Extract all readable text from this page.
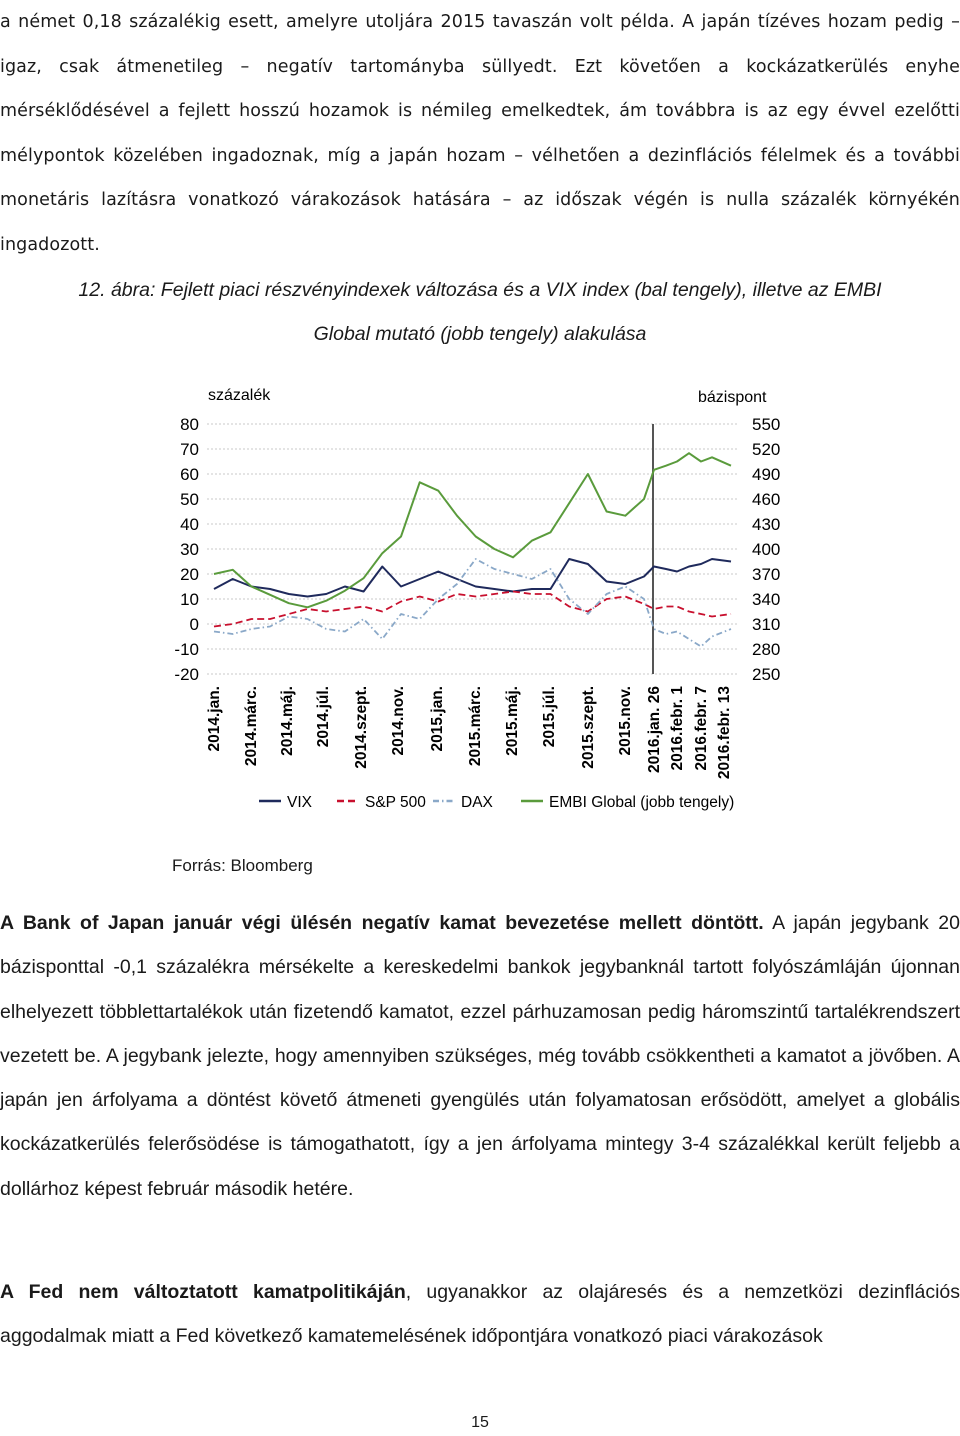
a német 0,18 százalékig esett, amelyre utoljára 2015 tavaszán volt példa. A japán tízéves hozam pedig – igaz, csak átmenetileg – negatív tartományba süllyedt. Ezt követően a kockázatkerülés enyhe mérséklődésével a fejlett hosszú hozamok is némileg emelkedtek, ám továbbra is az egy évvel ezelőtti mélypontok közelében ingadoznak, míg a japán hozam – vélhetően a dezinflációs félelmek és a további monetáris lazításra vonatkozó várakozások hatására – az időszak végén is nulla százalék környékén ingadozott.

12. ábra: Fejlett piaci részvényindexek változása és a VIX index (bal tengely), illetve az EMBI
Global mutató (jobb tengely) alakulása
80
70
60
50
40
30
20
10
0
-10
-20
550
520
490
460
430
400
370
340
310
280
250
2014.jan. 2014.márc. 2014.máj. 2014.júl. 2014.szept. 2014.nov. 2015.jan. 2015.márc. 2015.máj. 2015.júl. 2015.szept. 2015.nov. 2016.jan. 26 2016.febr. 1 2016.febr. 7 2016.febr. 13
VIX	S&P 500 DAX	EMBI Global (jobb tengely)
százalék	bázispont
Forrás: Bloomberg

A Bank of Japan január végi ülésén negatív kamat bevezetése mellett döntött. A japán jegybank 20 bázisponttal -0,1 százalékra mérsékelte a kereskedelmi bankok jegybanknál tartott folyószámláján újonnan elhelyezett többlettartalékok után fizetendő kamatot, ezzel párhuzamosan pedig háromszintű tartalékrendszert vezetett be. A jegybank jelezte, hogy amennyiben szükséges, még tovább csökkentheti a kamatot a jövőben. A japán jen árfolyama a döntést követő átmeneti gyengülés után folyamatosan erősödött, amelyet a globális kockázatkerülés felerősödése is támogathatott, így a jen árfolyama mintegy 3-4 százalékkal került feljebb a dollárhoz képest február második hetére.

A Fed nem változtatott kamatpolitikáján, ugyanakkor az olajáresés és a nemzetközi dezinflációs aggodalmak miatt a Fed következő kamatemelésének időpontjára vonatkozó piaci várakozások

15
